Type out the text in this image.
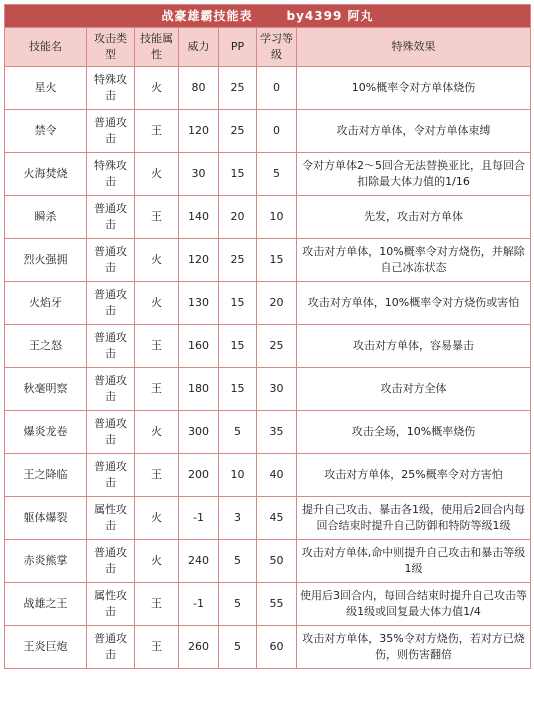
战豪雄霸技能表 by4399 阿丸						
技能名	攻击类型	技能属性	威力	PP	学习等级	特殊效果
星火	特殊攻击	火	80	25	0	10%概率令对方单体烧伤
禁令	普通攻击	王	120	25	0	攻击对方单体，令对方单体束缚
火海焚烧	特殊攻击	火	30	15	5	令对方单体2～5回合无法替换亚比，且每回合扣除最大体力值的1/16
瞬杀	普通攻击	王	140	20	10	先发，攻击对方单体
烈火强拥	普通攻击	火	120	25	15	攻击对方单体，10%概率令对方烧伤，并解除自己冰冻状态
火焰牙	普通攻击	火	130	15	20	攻击对方单体，10%概率令对方烧伤或害怕
王之怒	普通攻击	王	160	15	25	攻击对方单体，容易暴击
秋毫明察	普通攻击	王	180	15	30	攻击对方全体
爆炎龙卷	普通攻击	火	300	5	35	攻击全场，10%概率烧伤
王之降临	普通攻击	王	200	10	40	攻击对方单体，25%概率令对方害怕
躯体爆裂	属性攻击	火	-1	3	45	提升自己攻击、暴击各1级，使用后2回合内每回合结束时提升自己防御和特防等级1级
赤炎熊掌	普通攻击	火	240	5	50	攻击对方单体,命中则提升自己攻击和暴击等级1级
战雄之王	属性攻击	王	-1	5	55	使用后3回合内，每回合结束时提升自己攻击等级1级或回复最大体力值1/4
王炎巨炮	普通攻击	王	260	5	60	攻击对方单体，35%令对方烧伤，若对方已烧伤，则伤害翻倍
